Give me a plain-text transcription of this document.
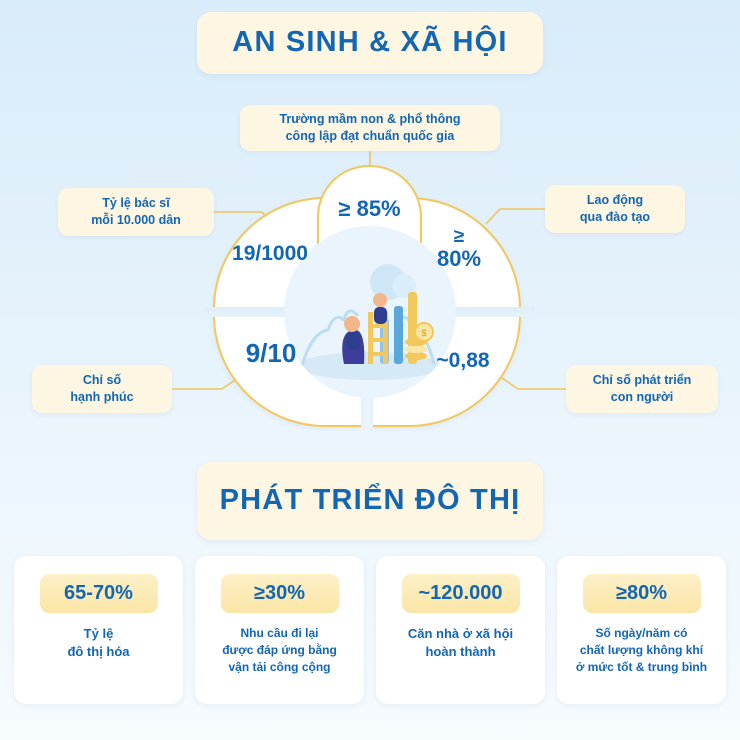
AN SINH & XÃ HỘI
$
≥ 85%
19/1000
≥
80%
9/10	~0,88
Trường mầm non & phổ thông
công lập đạt chuẩn quốc gia
Tỷ lệ bác sĩ
mỗi 10.000 dân
Lao động
qua đào tạo
Chỉ số
hạnh phúc
Chỉ số phát triển
con người
PHÁT TRIỂN ĐÔ THỊ
65-70%
Tỷ lệ
đô thị hóa
≥30%
Nhu cầu đi lại
được đáp ứng bằng
vận tải công cộng
~120.000
Căn nhà ở xã hội
hoàn thành
≥80%
Số ngày/năm có
chất lượng không khí
ở mức tốt & trung bình
